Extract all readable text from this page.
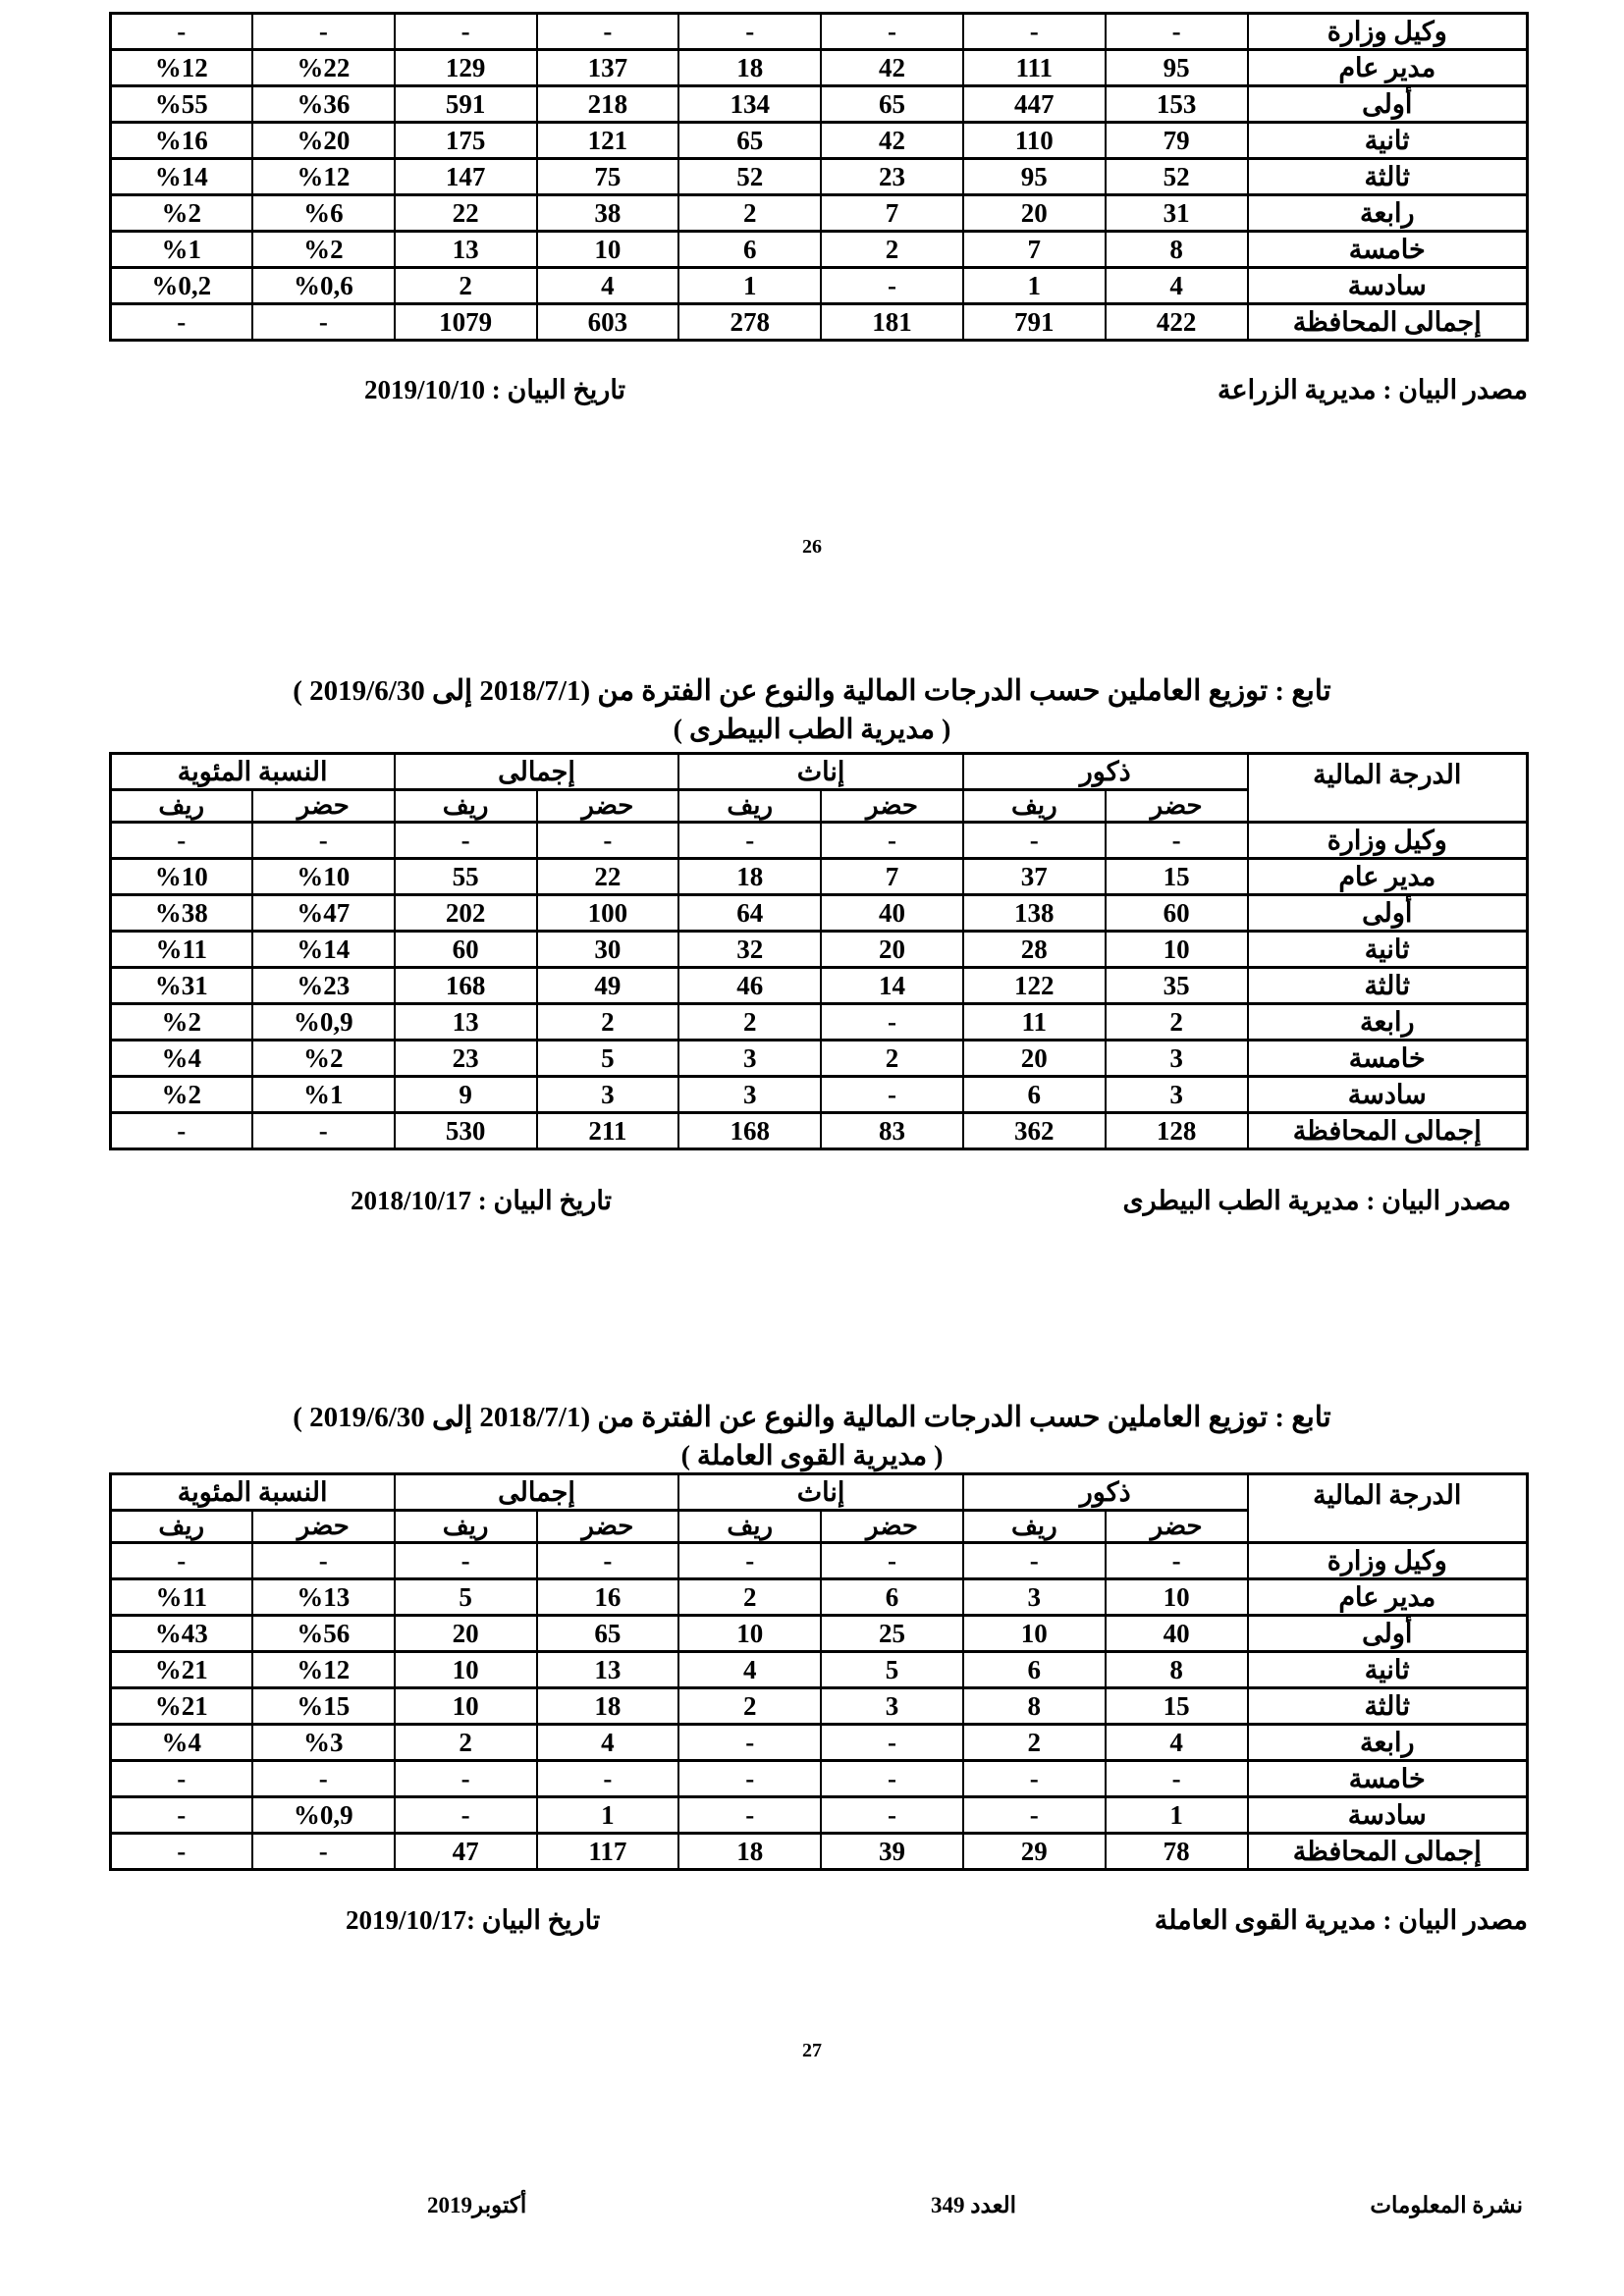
وكيل وزارة	-	-	-	-	-	-	-	-
مدير عام	95	111	42	18	137	129	%22	%12
أولى	153	447	65	134	218	591	%36	%55
ثانية	79	110	42	65	121	175	%20	%16
ثالثة	52	95	23	52	75	147	%12	%14
رابعة	31	20	7	2	38	22	%6	%2
خامسة	8	7	2	6	10	13	%2	%1
سادسة	4	1	-	1	4	2	%0,6	%0,2
إجمالى المحافظة	422	791	181	278	603	1079	-	-
مصدر البيان : مديرية الزراعة
تاريخ البيان : 2019/10/10
26
تابع : توزيع العاملين حسب الدرجات المالية والنوع عن الفترة من (2018/7/1 إلى 2019/6/30 )
( مديرية الطب البيطرى )
الدرجة المالية	ذكور		إناث		إجمالى		النسبة المئوية	
	حضر	ريف	حضر	ريف	حضر	ريف	حضر	ريف
وكيل وزارة	-	-	-	-	-	-	-	-
مدير عام	15	37	7	18	22	55	%10	%10
أولى	60	138	40	64	100	202	%47	%38
ثانية	10	28	20	32	30	60	%14	%11
ثالثة	35	122	14	46	49	168	%23	%31
رابعة	2	11	-	2	2	13	%0,9	%2
خامسة	3	20	2	3	5	23	%2	%4
سادسة	3	6	-	3	3	9	%1	%2
إجمالى المحافظة	128	362	83	168	211	530	-	-
مصدر البيان : مديرية الطب البيطرى
تاريخ البيان : 2018/10/17
تابع : توزيع العاملين حسب الدرجات المالية والنوع عن الفترة من (2018/7/1 إلى 2019/6/30 )
( مديرية القوى العاملة )
الدرجة المالية	ذكور		إناث		إجمالى		النسبة المئوية	
	حضر	ريف	حضر	ريف	حضر	ريف	حضر	ريف
وكيل وزارة	-	-	-	-	-	-	-	-
مدير عام	10	3	6	2	16	5	%13	%11
أولى	40	10	25	10	65	20	%56	%43
ثانية	8	6	5	4	13	10	%12	%21
ثالثة	15	8	3	2	18	10	%15	%21
رابعة	4	2	-	-	4	2	%3	%4
خامسة	-	-	-	-	-	-	-	-
سادسة	1	-	-	-	1	-	%0,9	-
إجمالى المحافظة	78	29	39	18	117	47	-	-
مصدر البيان : مديرية القوى العاملة
تاريخ البيان :2019/10/17
27
نشرة المعلومات
العدد 349
أكتوبر2019
